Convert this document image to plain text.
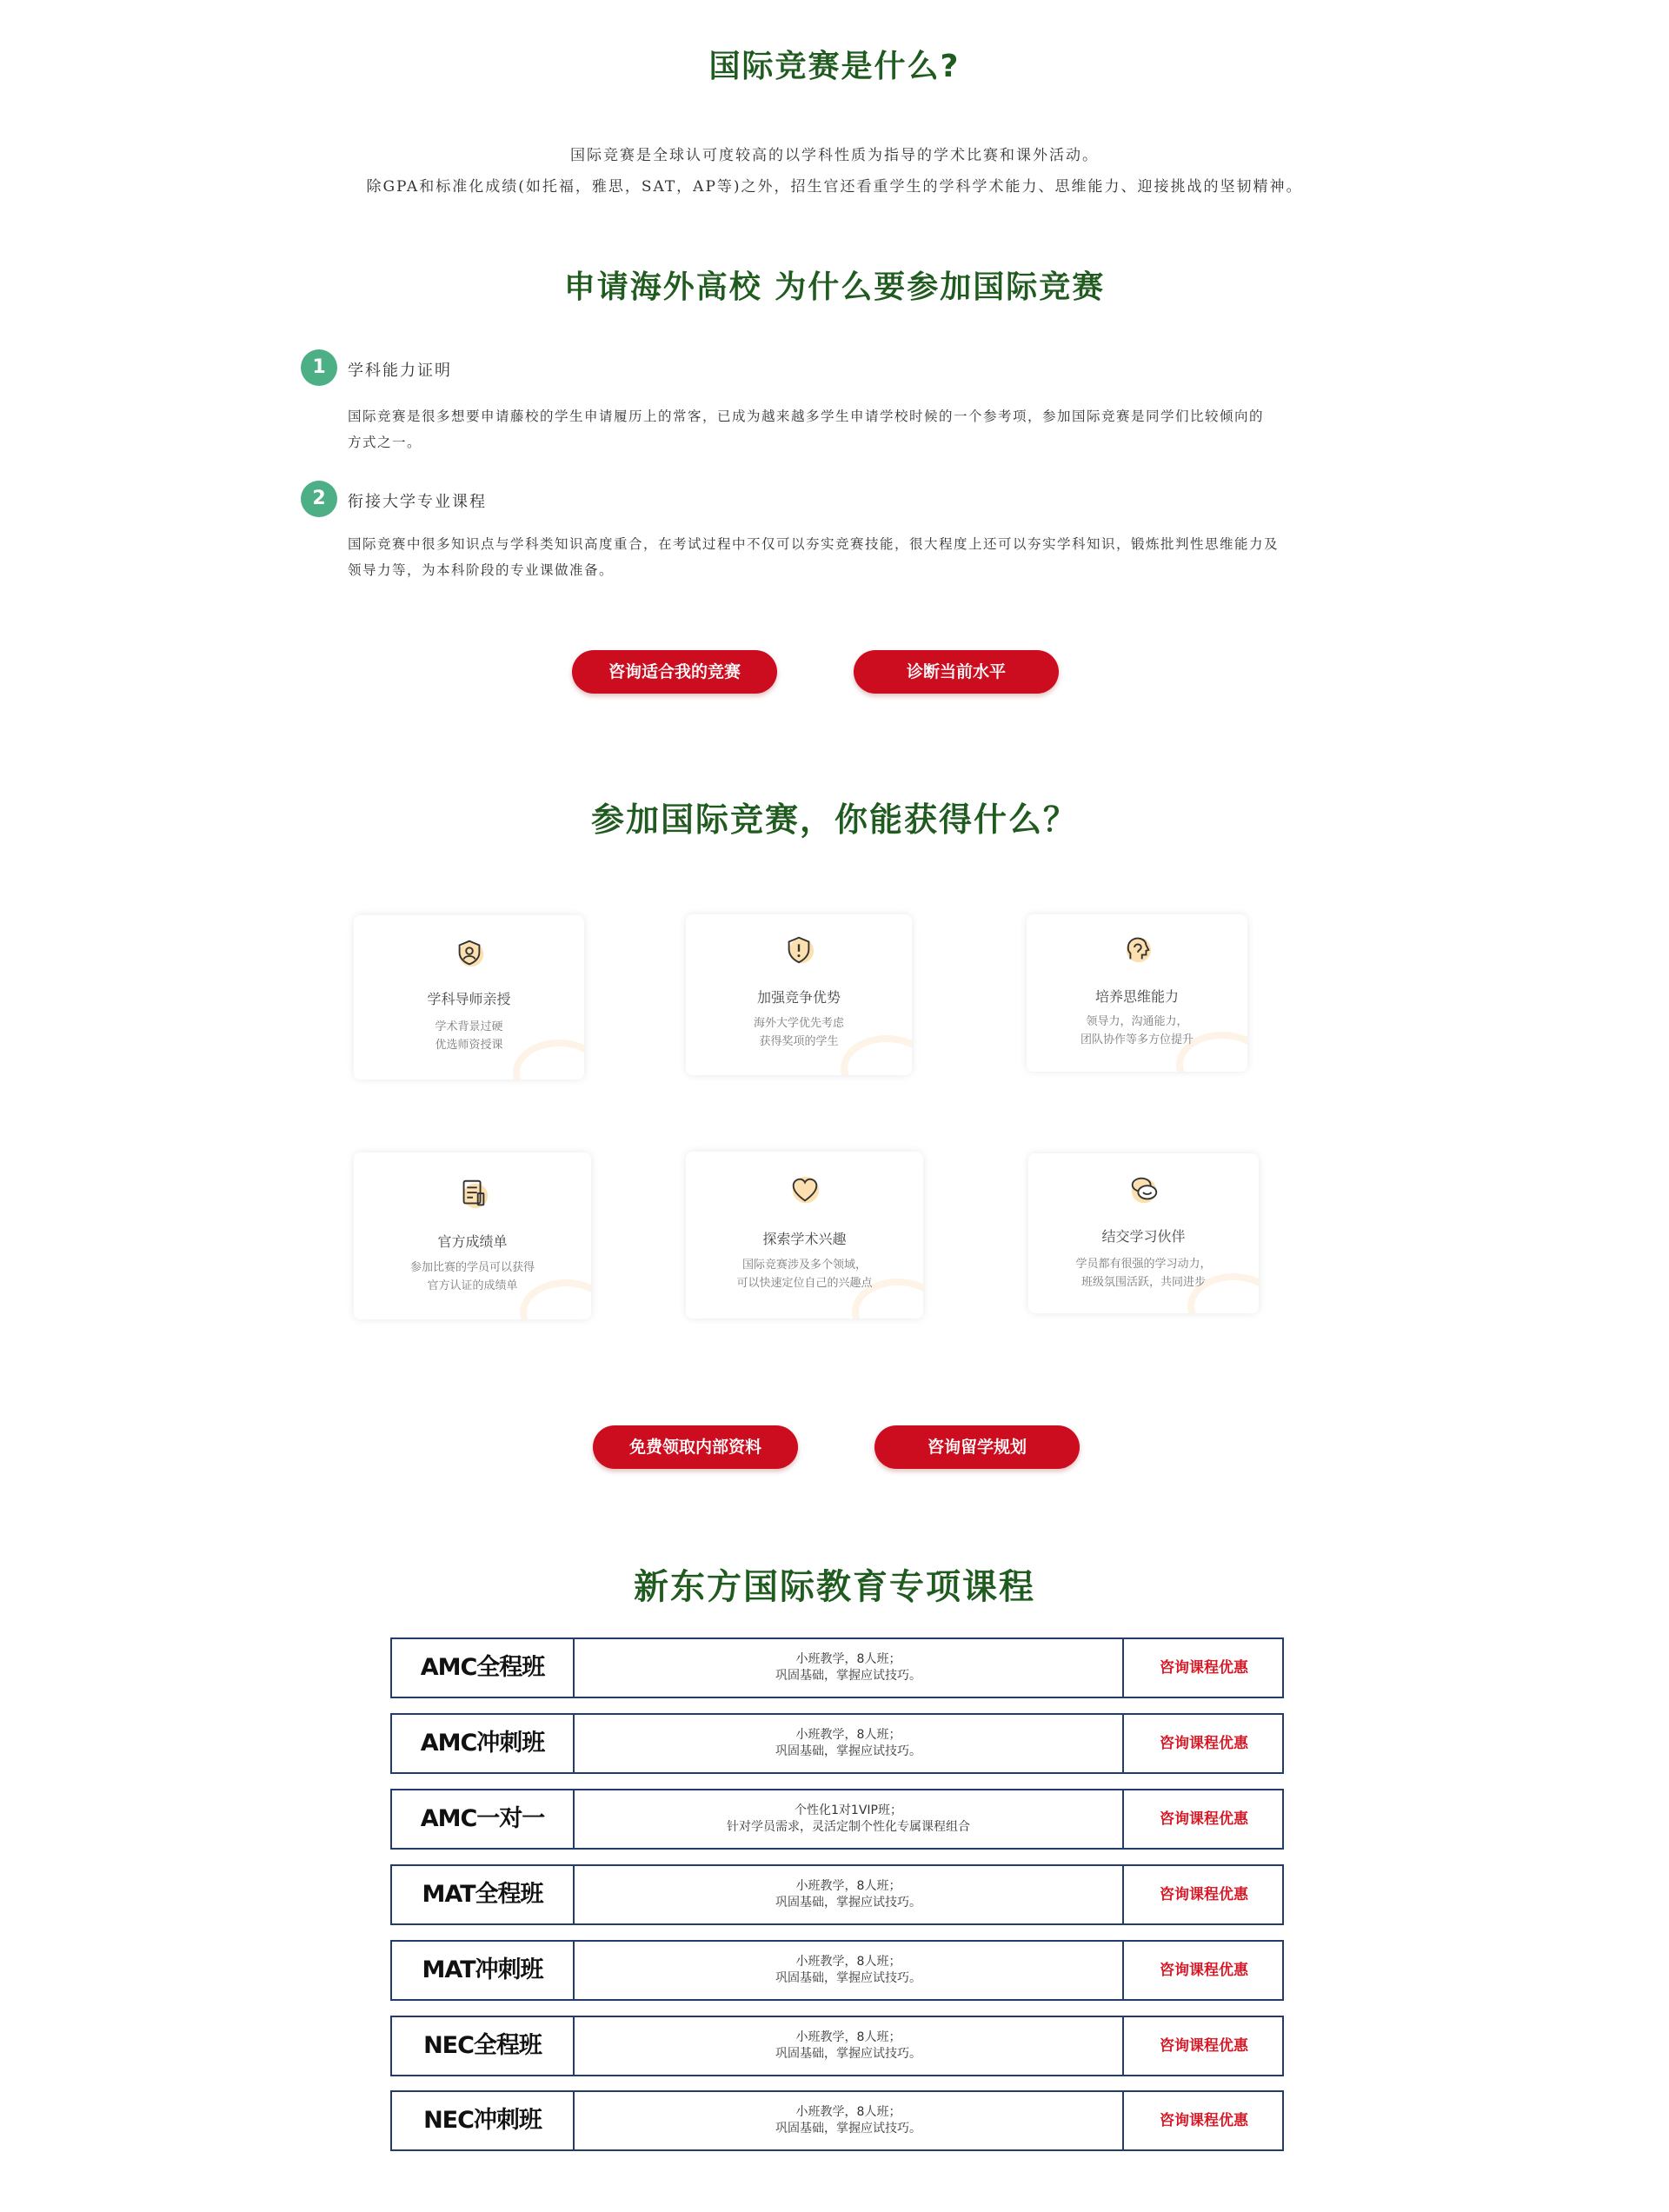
国际竞赛是什么?
国际竞赛是全球认可度较高的以学科性质为指导的学术比赛和课外活动。
除GPA和标准化成绩(如托福，雅思，SAT，AP等)之外，招生官还看重学生的学科学术能力、思维能力、迎接挑战的坚韧精神。
申请海外高校 为什么要参加国际竞赛
1	学科能力证明
国际竞赛是很多想要申请藤校的学生申请履历上的常客，已成为越来越多学生申请学校时候的一个参考项，参加国际竞赛是同学们比较倾向的
方式之一。
2	衔接大学专业课程
国际竞赛中很多知识点与学科类知识高度重合，在考试过程中不仅可以夯实竞赛技能，很大程度上还可以夯实学科知识，锻炼批判性思维能力及
领导力等，为本科阶段的专业课做准备。
咨询适合我的竞赛	诊断当前水平
参加国际竞赛，你能获得什么？
学科导师亲授
学术背景过硬
优选师资授课
加强竞争优势
海外大学优先考虑
获得奖项的学生
培养思维能力
领导力，沟通能力，
团队协作等多方位提升
官方成绩单
参加比赛的学员可以获得
官方认证的成绩单
探索学术兴趣
国际竞赛涉及多个领域，
可以快速定位自己的兴趣点
结交学习伙伴
学员都有很强的学习动力，
班级氛围活跃，共同进步
免费领取内部资料	咨询留学规划
新东方国际教育专项课程
AMC全程班	小班教学，8人班；
巩固基础，掌握应试技巧。	咨询课程优惠
AMC冲刺班	小班教学，8人班；
巩固基础，掌握应试技巧。	咨询课程优惠
AMC一对一	个性化1对1VIP班；
针对学员需求，灵活定制个性化专属课程组合	咨询课程优惠
MAT全程班	小班教学，8人班；
巩固基础，掌握应试技巧。	咨询课程优惠
MAT冲刺班	小班教学，8人班；
巩固基础，掌握应试技巧。	咨询课程优惠
NEC全程班	小班教学，8人班；
巩固基础，掌握应试技巧。	咨询课程优惠
NEC冲刺班	小班教学，8人班；
巩固基础，掌握应试技巧。	咨询课程优惠
